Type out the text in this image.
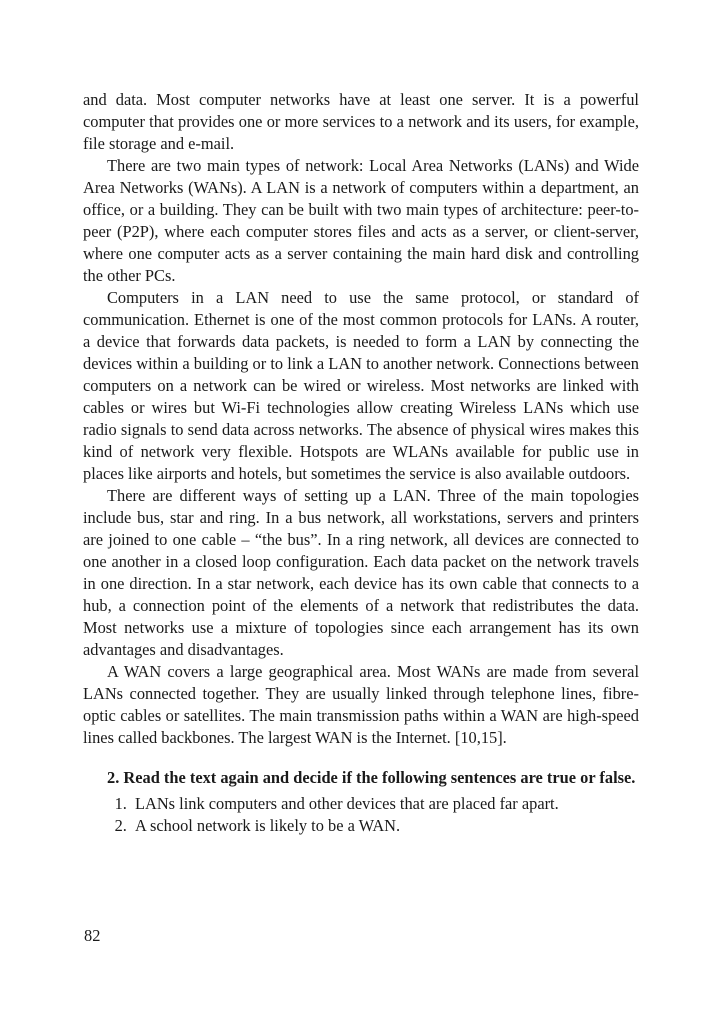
and data. Most computer networks have at least one server. It is a powerful computer that provides one or more services to a network and its users, for example, file storage and e-mail.

There are two main types of network: Local Area Networks (LANs) and Wide Area Networks (WANs). A LAN is a network of computers within a department, an office, or a building. They can be built with two main types of architecture: peer-to-peer (P2P), where each computer stores files and acts as a server, or client-server, where one computer acts as a server containing the main hard disk and controlling the other PCs.

Computers in a LAN need to use the same protocol, or standard of communication. Ethernet is one of the most common protocols for LANs. A router, a device that forwards data packets, is needed to form a LAN by connecting the devices within a building or to link a LAN to another network. Connections between computers on a network can be wired or wireless. Most networks are linked with cables or wires but Wi-Fi technologies allow creating Wireless LANs which use radio signals to send data across networks. The absence of physical wires makes this kind of network very flexible. Hotspots are WLANs available for public use in places like airports and hotels, but sometimes the service is also available outdoors.

There are different ways of setting up a LAN. Three of the main topologies include bus, star and ring. In a bus network, all workstations, servers and printers are joined to one cable – “the bus”. In a ring network, all devices are connected to one another in a closed loop configuration. Each data packet on the network travels in one direction. In a star network, each device has its own cable that connects to a hub, a connection point of the elements of a network that redistributes the data. Most networks use a mixture of topologies since each arrangement has its own advantages and disadvantages.

A WAN covers a large geographical area. Most WANs are made from several LANs connected together. They are usually linked through telephone lines, fibre-optic cables or satellites. The main transmission paths within a WAN are high-speed lines called backbones. The largest WAN is the Internet. [10,15].

2. Read the text again and decide if the following sentences are true or false.

1. LANs link computers and other devices that are placed far apart.
2. A school network is likely to be a WAN.
82
